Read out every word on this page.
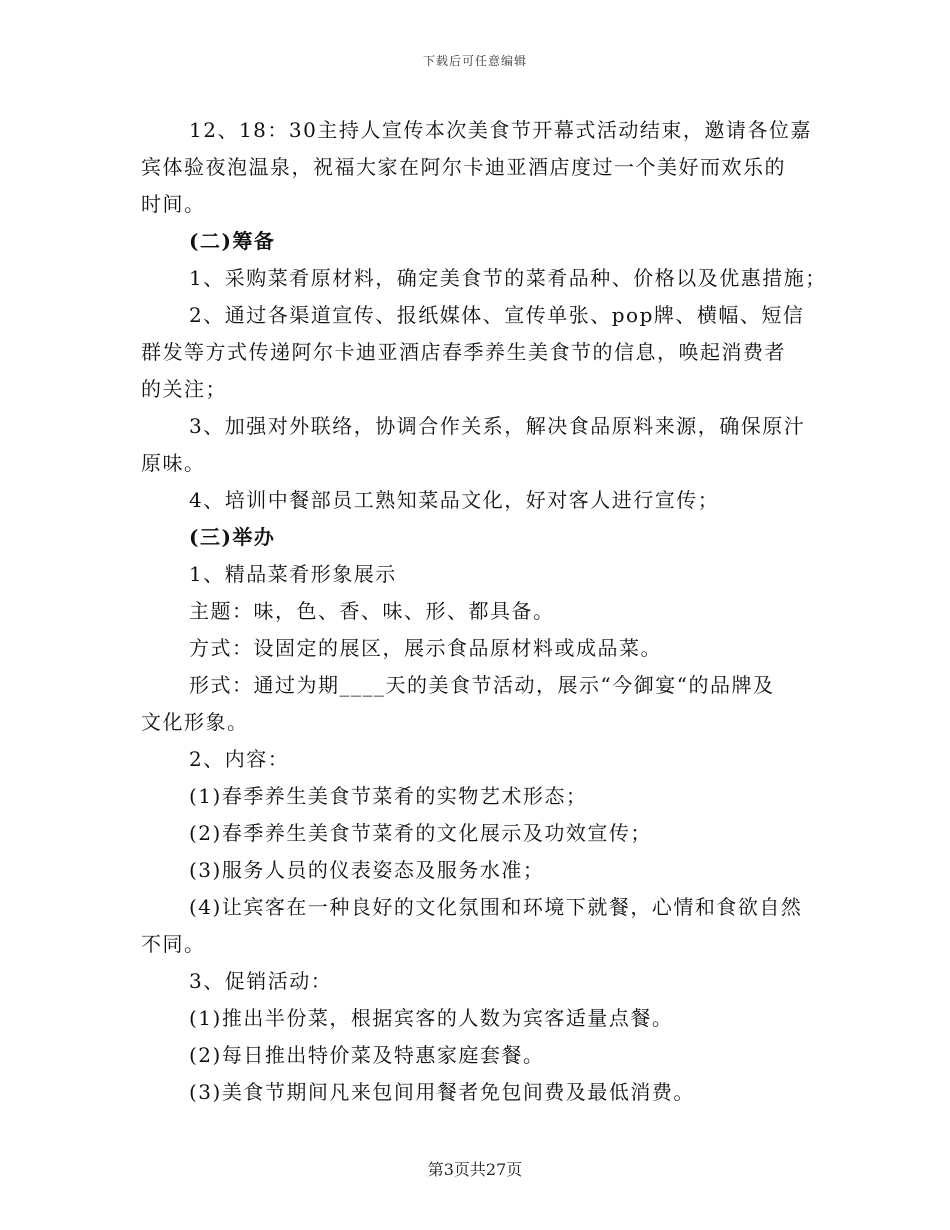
下载后可任意编辑
12、18：30主持人宣传本次美食节开幕式活动结束，邀请各位嘉
宾体验夜泡温泉，祝福大家在阿尔卡迪亚酒店度过一个美好而欢乐的
时间。
(二)筹备
1、采购菜肴原材料，确定美食节的菜肴品种、价格以及优惠措施；
2、通过各渠道宣传、报纸媒体、宣传单张、pop牌、横幅、短信
群发等方式传递阿尔卡迪亚酒店春季养生美食节的信息，唤起消费者
的关注；
3、加强对外联络，协调合作关系，解决食品原料来源，确保原汁
原味。
4、培训中餐部员工熟知菜品文化，好对客人进行宣传；
(三)举办
1、精品菜肴形象展示
主题：味，色、香、味、形、都具备。
方式：设固定的展区，展示食品原材料或成品菜。
形式：通过为期____天的美食节活动，展示“今御宴“的品牌及
文化形象。
2、内容：
(1)春季养生美食节菜肴的实物艺术形态；
(2)春季养生美食节菜肴的文化展示及功效宣传；
(3)服务人员的仪表姿态及服务水准；
(4)让宾客在一种良好的文化氛围和环境下就餐，心情和食欲自然
不同。
3、促销活动：
(1)推出半份菜，根据宾客的人数为宾客适量点餐。
(2)每日推出特价菜及特惠家庭套餐。
(3)美食节期间凡来包间用餐者免包间费及最低消费。
第3页共27页
